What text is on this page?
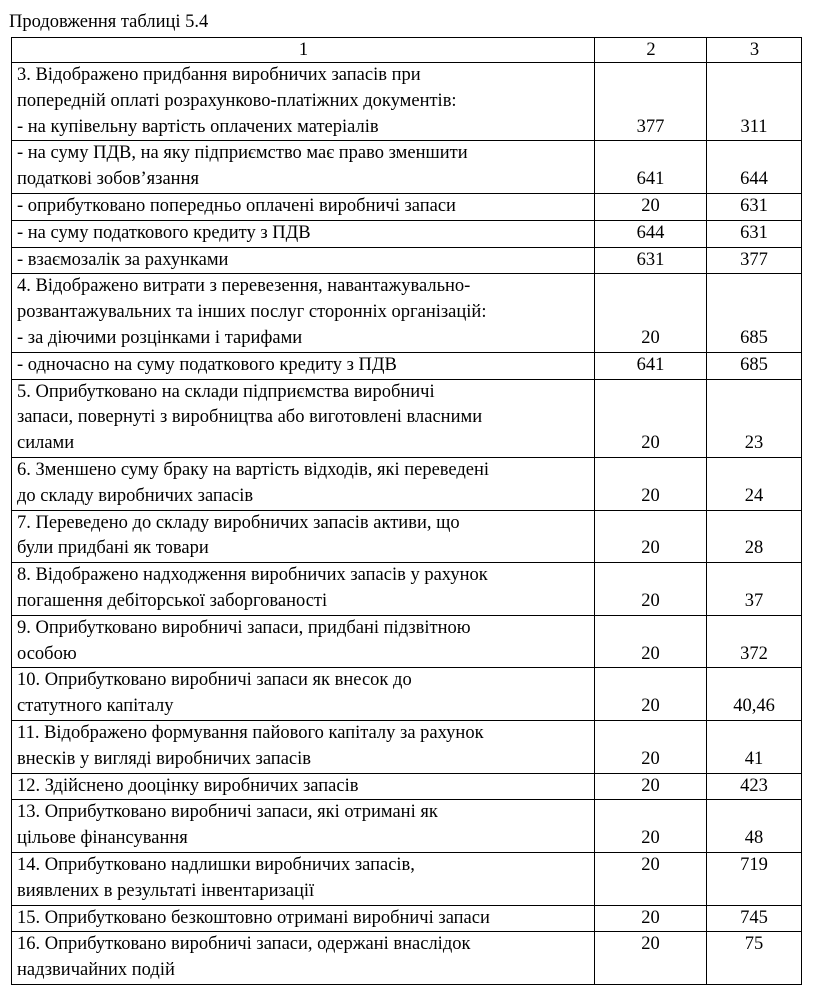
Продовження таблиці 5.4
1	2	3

3. Відображено придбання виробничих запасів при
попередній оплаті розрахунково-платіжних документів:
- на купівельну вартість оплачених матеріалів	377	311

- на суму ПДВ, на яку підприємство має право зменшити
податкові зобов’язання	641	644

- оприбутковано попередньо оплачені виробничі запаси	20	631

- на суму податкового кредиту з ПДВ	644	631

- взаємозалік за рахунками	631	377

4. Відображено витрати з перевезення, навантажувально-
розвантажувальних та інших послуг сторонніх організацій:
- за діючими розцінками і тарифами	20	685

- одночасно на суму податкового кредиту з ПДВ	641	685

5. Оприбутковано на склади підприємства виробничі
запаси, повернуті з виробництва або виготовлені власними
силами	20	23

6. Зменшено суму браку на вартість відходів, які переведені
до складу виробничих запасів	20	24

7. Переведено до складу виробничих запасів активи, що
були придбані як товари	20	28

8. Відображено надходження виробничих запасів у рахунок
погашення дебіторської заборгованості	20	37

9. Оприбутковано виробничі запаси, придбані підзвітною
особою	20	372

10. Оприбутковано виробничі запаси як внесок до
статутного капіталу	20	40,46

11. Відображено формування пайового капіталу за рахунок
внесків у вигляді виробничих запасів	20	41

12. Здійснено дооцінку виробничих запасів	20	423

13. Оприбутковано виробничі запаси, які отримані як
цільове фінансування	20	48

14. Оприбутковано надлишки виробничих запасів,
виявлених в результаті інвентаризації	20	719

15. Оприбутковано безкоштовно отримані виробничі запаси	20	745

16. Оприбутковано виробничі запаси, одержані внаслідок
надзвичайних подій	20	75
